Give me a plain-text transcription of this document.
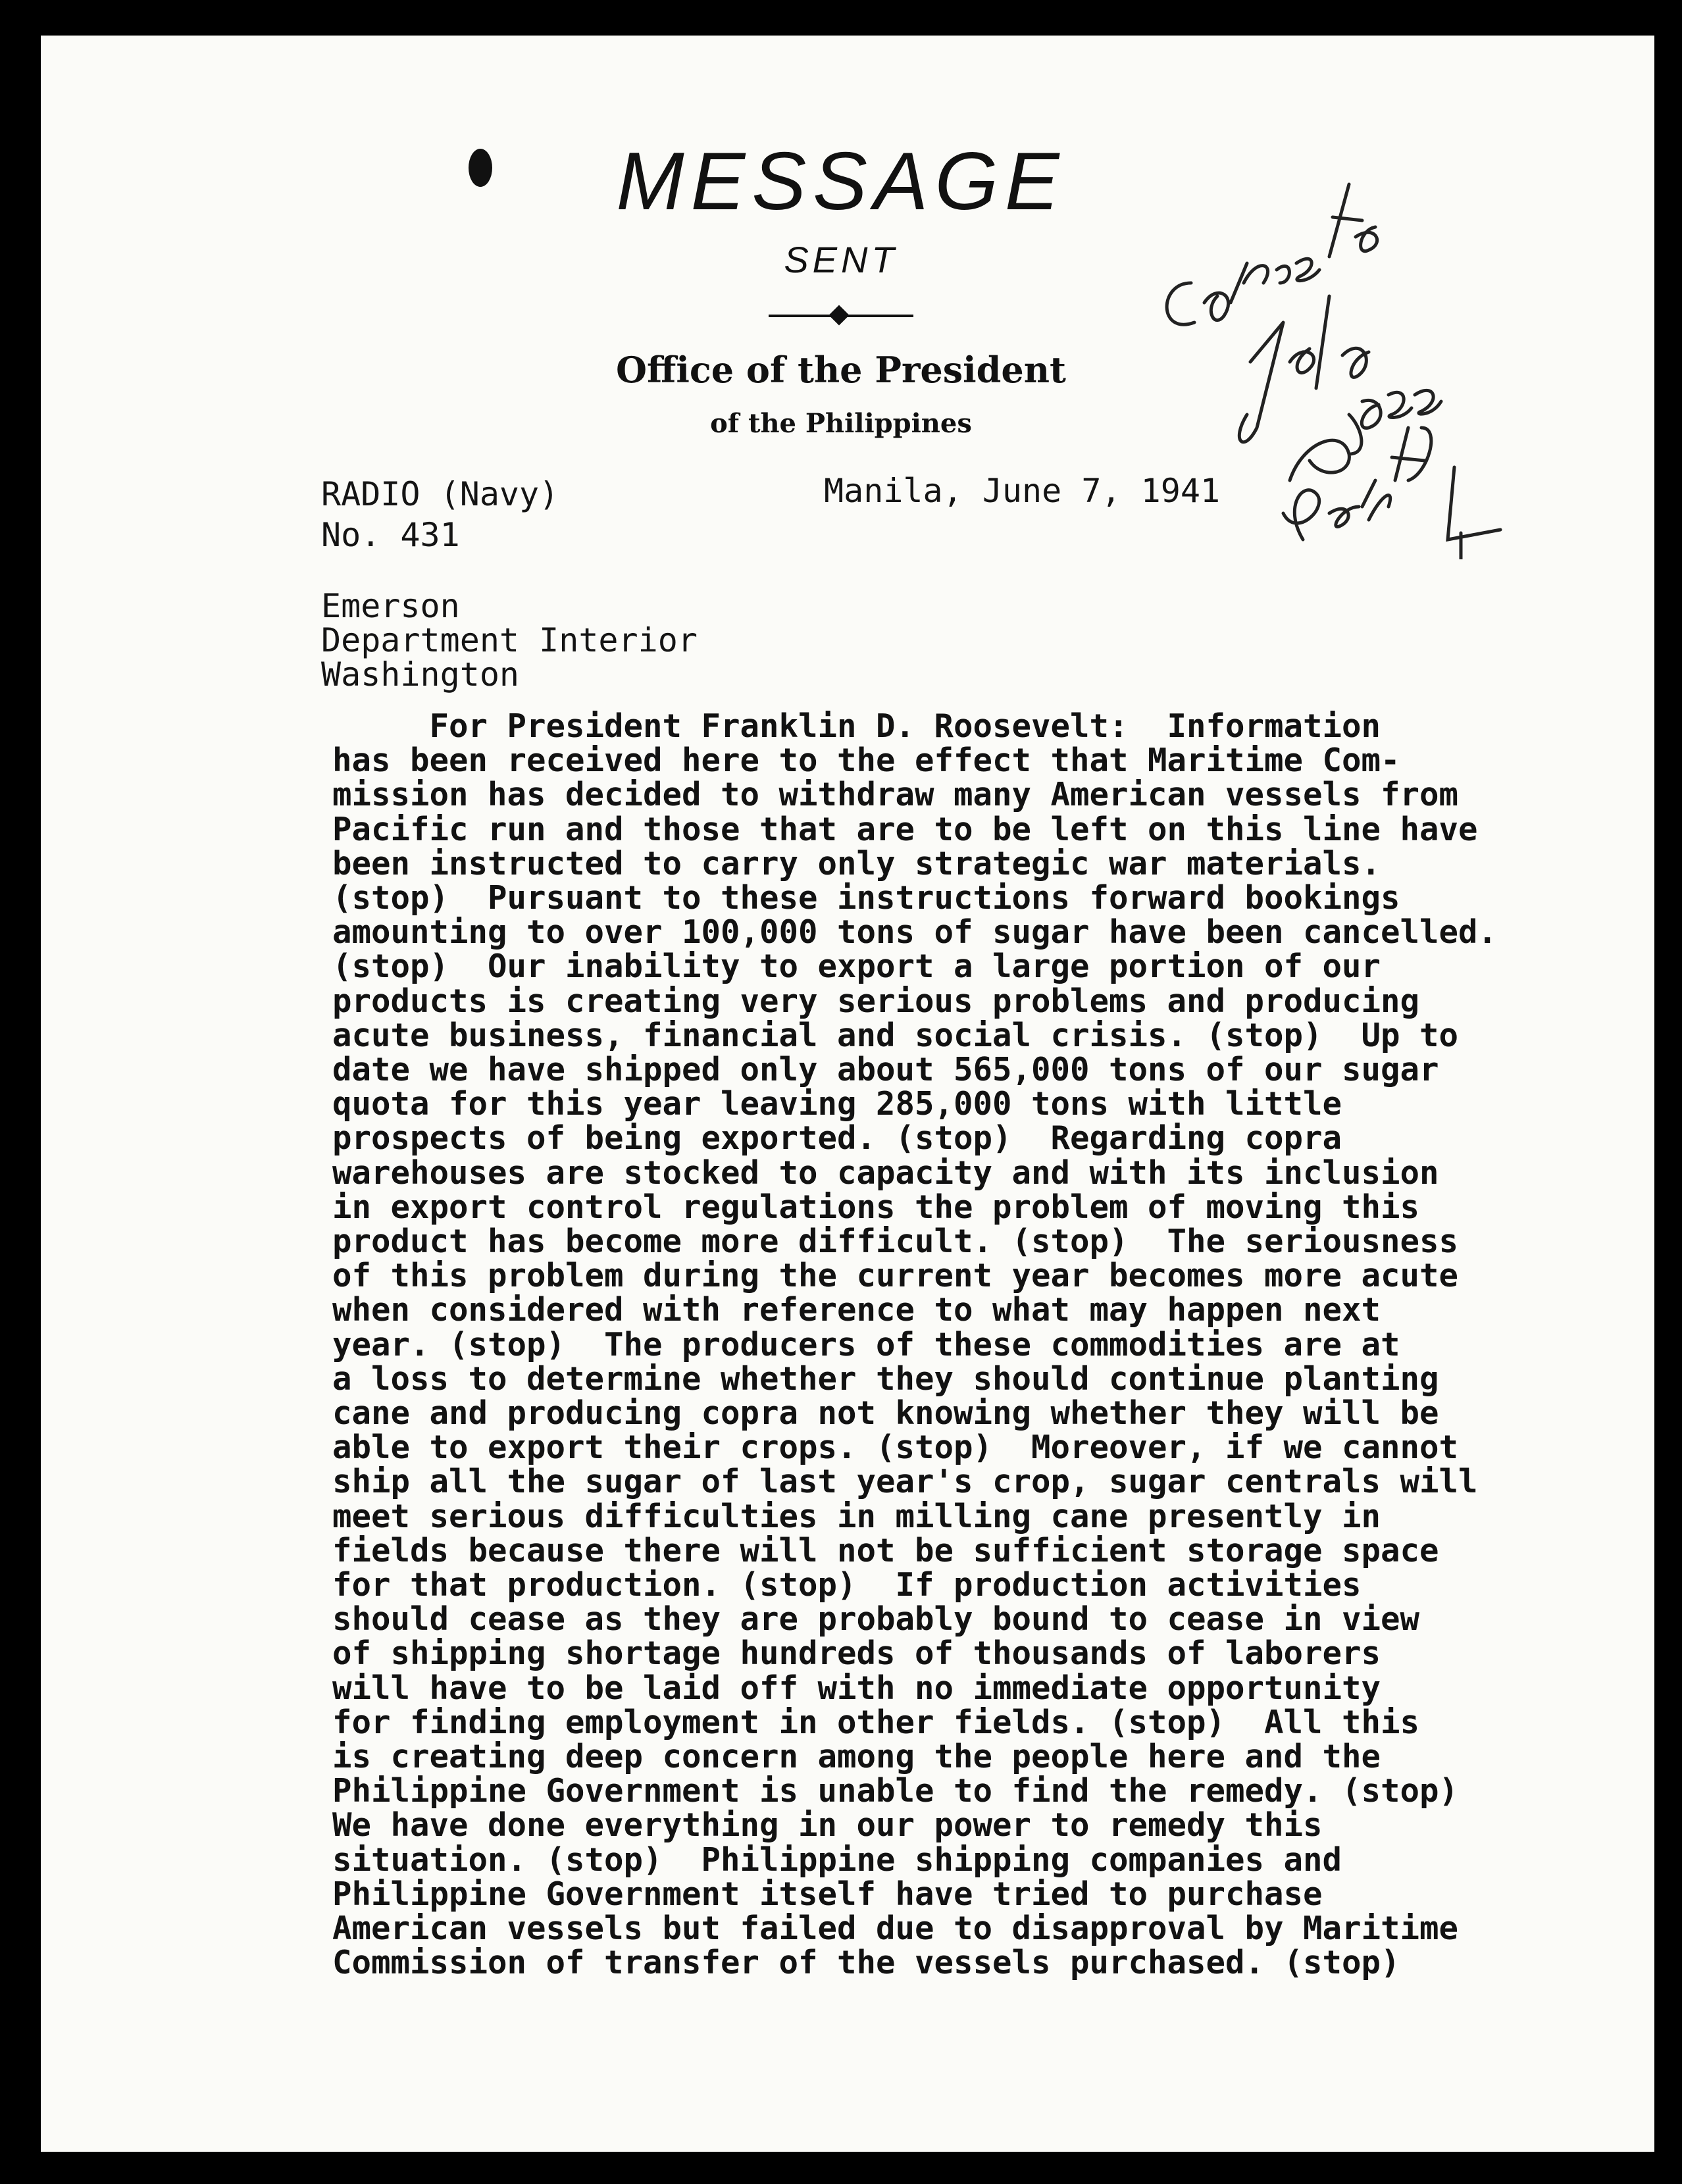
MESSAGE
SENT
Office of the President
of the Philippines
RADIO (Navy)
No. 431
Manila, June 7, 1941
Emerson
Department Interior
Washington
For President Franklin D. Roosevelt:  Information
has been received here to the effect that Maritime Com-
mission has decided to withdraw many American vessels from
Pacific run and those that are to be left on this line have
been instructed to carry only strategic war materials.
(stop)  Pursuant to these instructions forward bookings
amounting to over 100,000 tons of sugar have been cancelled.
(stop)  Our inability to export a large portion of our
products is creating very serious problems and producing
acute business, financial and social crisis. (stop)  Up to
date we have shipped only about 565,000 tons of our sugar
quota for this year leaving 285,000 tons with little
prospects of being exported. (stop)  Regarding copra
warehouses are stocked to capacity and with its inclusion
in export control regulations the problem of moving this
product has become more difficult. (stop)  The seriousness
of this problem during the current year becomes more acute
when considered with reference to what may happen next
year. (stop)  The producers of these commodities are at
a loss to determine whether they should continue planting
cane and producing copra not knowing whether they will be
able to export their crops. (stop)  Moreover, if we cannot
ship all the sugar of last year's crop, sugar centrals will
meet serious difficulties in milling cane presently in
fields because there will not be sufficient storage space
for that production. (stop)  If production activities
should cease as they are probably bound to cease in view
of shipping shortage hundreds of thousands of laborers
will have to be laid off with no immediate opportunity
for finding employment in other fields. (stop)  All this
is creating deep concern among the people here and the
Philippine Government is unable to find the remedy. (stop)
We have done everything in our power to remedy this
situation. (stop)  Philippine shipping companies and
Philippine Government itself have tried to purchase
American vessels but failed due to disapproval by Maritime
Commission of transfer of the vessels purchased. (stop)
